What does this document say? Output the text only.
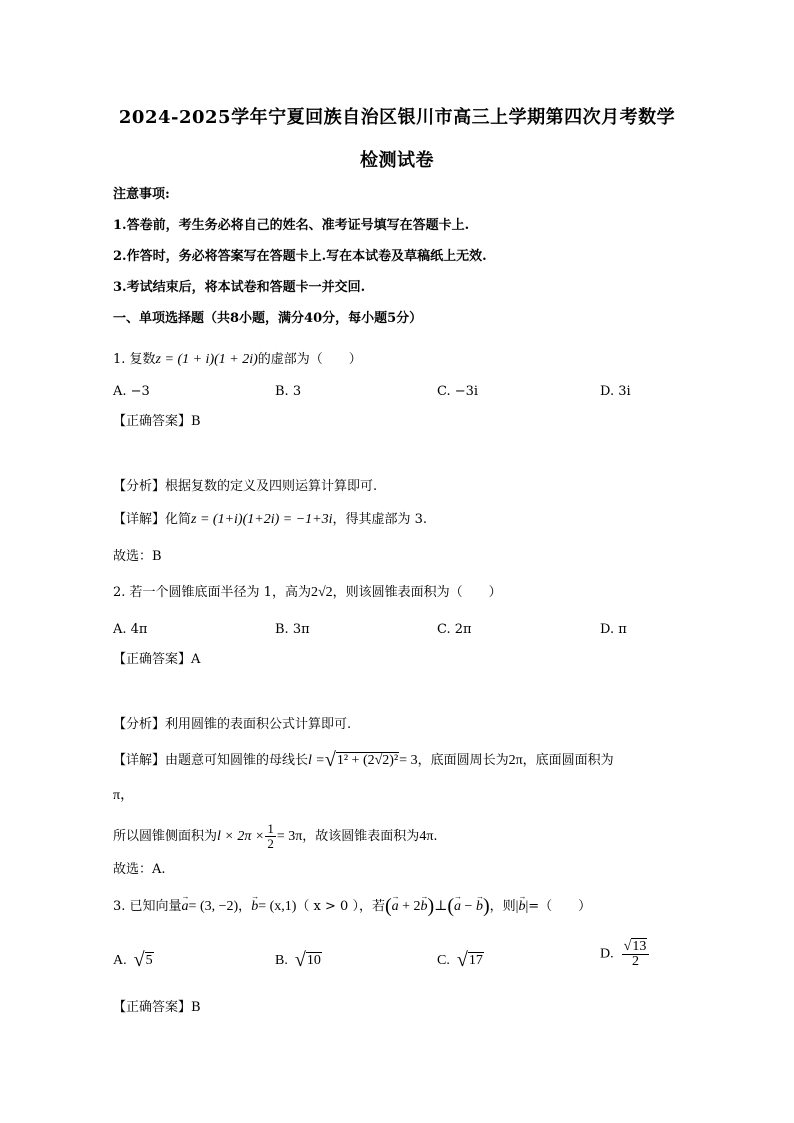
2024-2025学年宁夏回族自治区银川市高三上学期第四次月考数学
检测试卷
注意事项:
1.答卷前，考生务必将自己的姓名、准考证号填写在答题卡上.
2.作答时，务必将答案写在答题卡上.写在本试卷及草稿纸上无效.
3.考试结束后，将本试卷和答题卡一并交回.
一、单项选择题（共8小题，满分40分，每小题5分）
1. 复数z = (1 + i)(1 + 2i)的虚部为（　　）
A. −3	B. 3	C. −3i	D. 3i
【正确答案】B
【分析】根据复数的定义及四则运算计算即可.
【详解】化简z = (1+i)(1+2i) = −1+3i，得其虚部为 3.
故选：B
2. 若一个圆锥底面半径为 1，高为2√2，则该圆锥表面积为（　　）
A. 4π	B. 3π	C. 2π	D. π
【正确答案】A
【分析】利用圆锥的表面积公式计算即可.
【详解】由题意可知圆锥的母线长l =√1² + (2√2)²= 3，底面圆周长为2π，底面圆面积为
π，
所以圆锥侧面积为$l \times 2\pi \times \frac{1}{2} = 3\pi$，故该圆锥表面积为4π.
故选：A.
3. 已知向量→ a= (3, −2)，→ b= (x,1)（ x > 0 ），若(→ a + 2→ b)⊥(→ a − → b)，则|→ b|=（　　）
A. √5	B. √10	C. √17	D. $\frac{√13}{2}$
【正确答案】B
